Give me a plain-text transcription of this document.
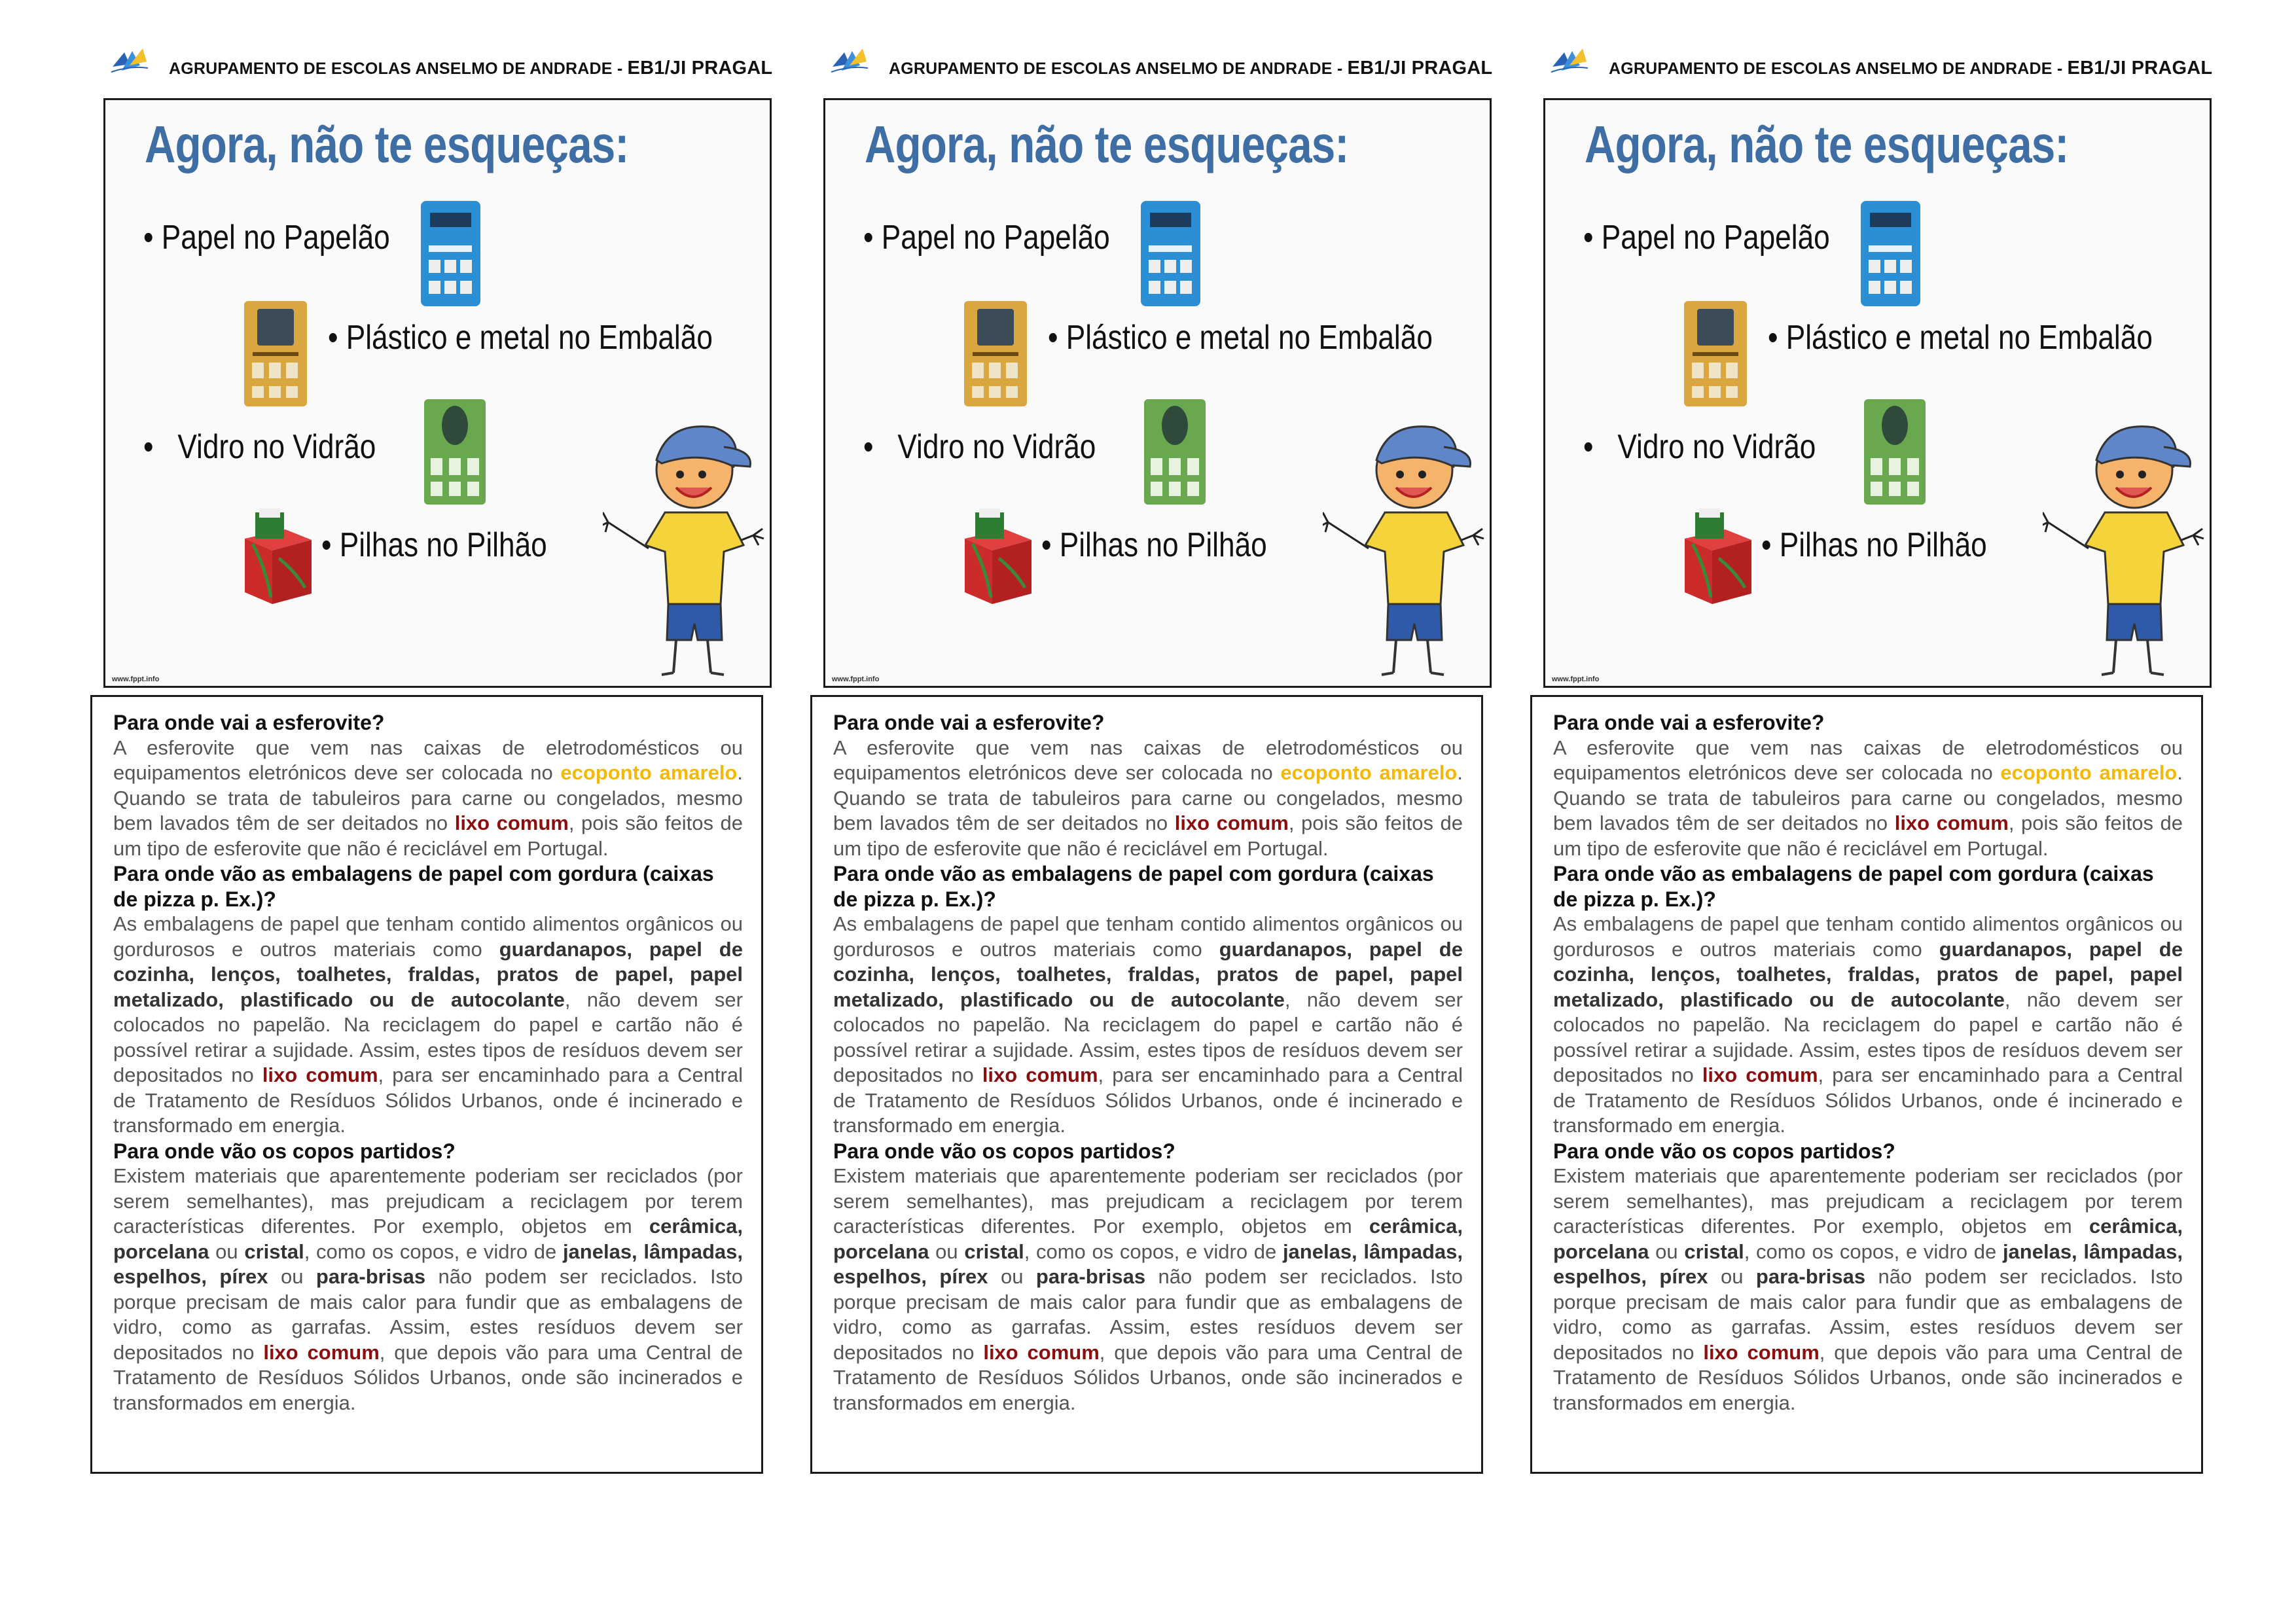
AGRUPAMENTO DE ESCOLAS ANSELMO DE ANDRADE - EB1/JI PRAGAL
Agora, não te esqueças:
• Papel no Papelão
• Plástico e metal no Embalão
•   Vidro no Vidrão
• Pilhas no Pilhão
www.fppt.info
Para onde vai a esferovite?

A esferovite que vem nas caixas de eletrodomésticos ou equipamentos eletrónicos deve ser colocada no ecoponto amarelo. Quando se trata de tabuleiros para carne ou congelados, mesmo bem lavados têm de ser deitados no lixo comum, pois são feitos de um tipo de esferovite que não é reciclável em Portugal.

Para onde vão as embalagens de papel com gordura (caixas de pizza p. Ex.)?

As embalagens de papel que tenham contido alimentos orgânicos ou gordurosos e outros materiais como guardanapos, papel de cozinha, lenços, toalhetes, fraldas, pratos de papel, papel metalizado, plastificado ou de autocolante, não devem ser colocados no papelão. Na reciclagem do papel e cartão não é possível retirar a sujidade. Assim, estes tipos de resíduos devem ser depositados no lixo comum, para ser encaminhado para a Central de Tratamento de Resíduos Sólidos Urbanos, onde é incinerado e transformado em energia.

Para onde vão os copos partidos?

Existem materiais que aparentemente poderiam ser reciclados (por serem semelhantes), mas prejudicam a reciclagem por terem características diferentes. Por exemplo, objetos em cerâmica, porcelana ou cristal, como os copos, e vidro de janelas, lâmpadas, espelhos, pírex ou para-brisas não podem ser reciclados. Isto porque precisam de mais calor para fundir que as embalagens de vidro, como as garrafas. Assim, estes resíduos devem ser depositados no lixo comum, que depois vão para uma Central de Tratamento de Resíduos Sólidos Urbanos, onde são incinerados e transformados em energia.

AGRUPAMENTO DE ESCOLAS ANSELMO DE ANDRADE - EB1/JI PRAGAL
Agora, não te esqueças:
• Papel no Papelão
• Plástico e metal no Embalão
•   Vidro no Vidrão
• Pilhas no Pilhão
www.fppt.info
Para onde vai a esferovite?

A esferovite que vem nas caixas de eletrodomésticos ou equipamentos eletrónicos deve ser colocada no ecoponto amarelo. Quando se trata de tabuleiros para carne ou congelados, mesmo bem lavados têm de ser deitados no lixo comum, pois são feitos de um tipo de esferovite que não é reciclável em Portugal.

Para onde vão as embalagens de papel com gordura (caixas de pizza p. Ex.)?

As embalagens de papel que tenham contido alimentos orgânicos ou gordurosos e outros materiais como guardanapos, papel de cozinha, lenços, toalhetes, fraldas, pratos de papel, papel metalizado, plastificado ou de autocolante, não devem ser colocados no papelão. Na reciclagem do papel e cartão não é possível retirar a sujidade. Assim, estes tipos de resíduos devem ser depositados no lixo comum, para ser encaminhado para a Central de Tratamento de Resíduos Sólidos Urbanos, onde é incinerado e transformado em energia.

Para onde vão os copos partidos?

Existem materiais que aparentemente poderiam ser reciclados (por serem semelhantes), mas prejudicam a reciclagem por terem características diferentes. Por exemplo, objetos em cerâmica, porcelana ou cristal, como os copos, e vidro de janelas, lâmpadas, espelhos, pírex ou para-brisas não podem ser reciclados. Isto porque precisam de mais calor para fundir que as embalagens de vidro, como as garrafas. Assim, estes resíduos devem ser depositados no lixo comum, que depois vão para uma Central de Tratamento de Resíduos Sólidos Urbanos, onde são incinerados e transformados em energia.

AGRUPAMENTO DE ESCOLAS ANSELMO DE ANDRADE - EB1/JI PRAGAL
Agora, não te esqueças:
• Papel no Papelão
• Plástico e metal no Embalão
•   Vidro no Vidrão
• Pilhas no Pilhão
www.fppt.info
Para onde vai a esferovite?

A esferovite que vem nas caixas de eletrodomésticos ou equipamentos eletrónicos deve ser colocada no ecoponto amarelo. Quando se trata de tabuleiros para carne ou congelados, mesmo bem lavados têm de ser deitados no lixo comum, pois são feitos de um tipo de esferovite que não é reciclável em Portugal.

Para onde vão as embalagens de papel com gordura (caixas de pizza p. Ex.)?

As embalagens de papel que tenham contido alimentos orgânicos ou gordurosos e outros materiais como guardanapos, papel de cozinha, lenços, toalhetes, fraldas, pratos de papel, papel metalizado, plastificado ou de autocolante, não devem ser colocados no papelão. Na reciclagem do papel e cartão não é possível retirar a sujidade. Assim, estes tipos de resíduos devem ser depositados no lixo comum, para ser encaminhado para a Central de Tratamento de Resíduos Sólidos Urbanos, onde é incinerado e transformado em energia.

Para onde vão os copos partidos?

Existem materiais que aparentemente poderiam ser reciclados (por serem semelhantes), mas prejudicam a reciclagem por terem características diferentes. Por exemplo, objetos em cerâmica, porcelana ou cristal, como os copos, e vidro de janelas, lâmpadas, espelhos, pírex ou para-brisas não podem ser reciclados. Isto porque precisam de mais calor para fundir que as embalagens de vidro, como as garrafas. Assim, estes resíduos devem ser depositados no lixo comum, que depois vão para uma Central de Tratamento de Resíduos Sólidos Urbanos, onde são incinerados e transformados em energia.
